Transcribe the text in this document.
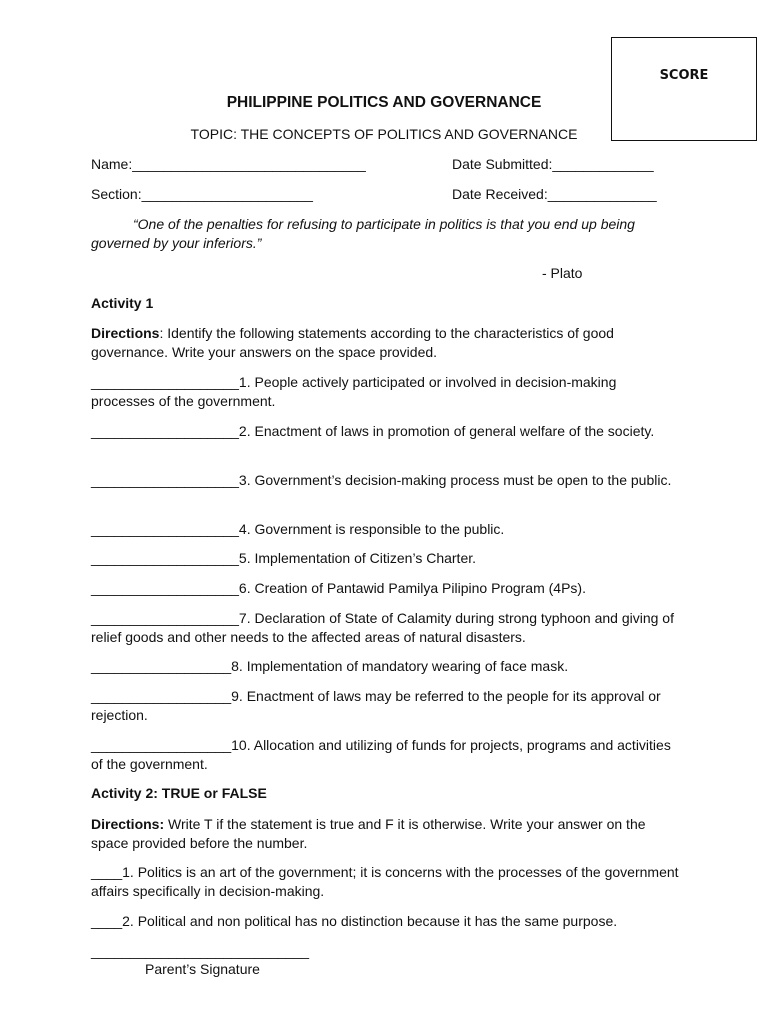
SCORE
PHILIPPINE POLITICS AND GOVERNANCE
TOPIC: THE CONCEPTS OF POLITICS AND GOVERNANCE
Name:______________________________	Date Submitted:_____________
Section:______________________	Date Received:______________
“One of the penalties for refusing to participate in politics is that you end up being governed by your inferiors.”
- Plato
Activity 1
Directions: Identify the following statements according to the characteristics of good governance. Write your answers on the space provided.
___________________1. People actively participated or involved in decision-making processes of the government.
___________________2. Enactment of laws in promotion of general welfare of the society.
___________________3. Government’s decision-making process must be open to the public.
___________________4. Government is responsible to the public.
___________________5. Implementation of Citizen’s Charter.
___________________6. Creation of Pantawid Pamilya Pilipino Program (4Ps).
___________________7. Declaration of State of Calamity during strong typhoon and giving of relief goods and other needs to the affected areas of natural disasters.
__________________8. Implementation of mandatory wearing of face mask.
__________________9. Enactment of laws may be referred to the people for its approval or rejection.
__________________10. Allocation and utilizing of funds for projects, programs and activities of the government.
Activity 2: TRUE or FALSE
Directions: Write T if the statement is true and F it is otherwise. Write your answer on the space provided before the number.
____1. Politics is an art of the government; it is concerns with the processes of the government affairs specifically in decision-making.
____2. Political and non political has no distinction because it has the same purpose.
____________________________
Parent’s Signature
